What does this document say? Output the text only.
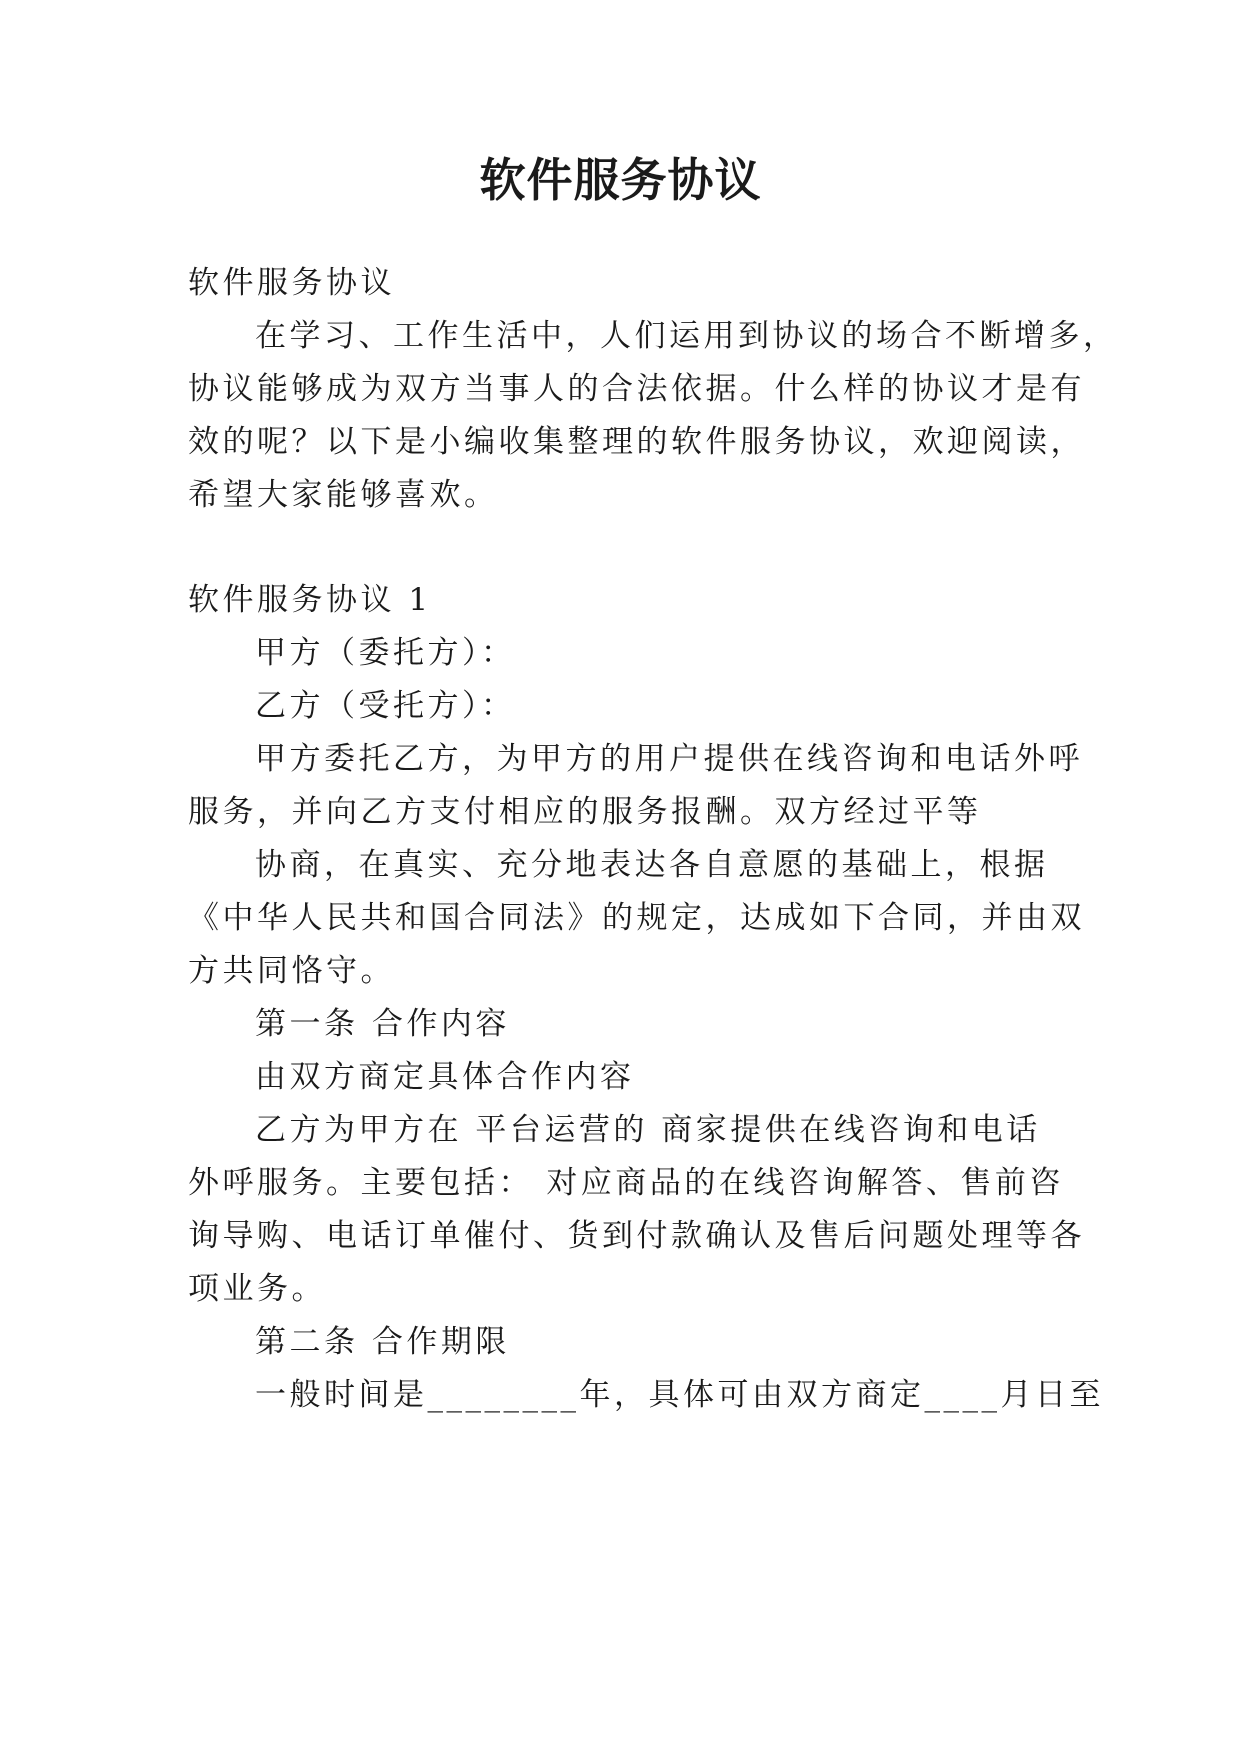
软件服务协议
软件服务协议
在学习、工作生活中，人们运用到协议的场合不断增多，
协议能够成为双方当事人的合法依据。什么样的协议才是有
效的呢？以下是小编收集整理的软件服务协议，欢迎阅读，
希望大家能够喜欢。
软件服务协议 1
甲方（委托方）：
乙方（受托方）：
甲方委托乙方，为甲方的用户提供在线咨询和电话外呼
服务，并向乙方支付相应的服务报酬。双方经过平等
协商，在真实、充分地表达各自意愿的基础上，根据
《中华人民共和国合同法》的规定，达成如下合同，并由双
方共同恪守。
第一条 合作内容
由双方商定具体合作内容
乙方为甲方在 平台运营的 商家提供在线咨询和电话
外呼服务。主要包括： 对应商品的在线咨询解答、售前咨
询导购、电话订单催付、货到付款确认及售后问题处理等各
项业务。
第二条 合作期限
一般时间是________年，具体可由双方商定____月日至
